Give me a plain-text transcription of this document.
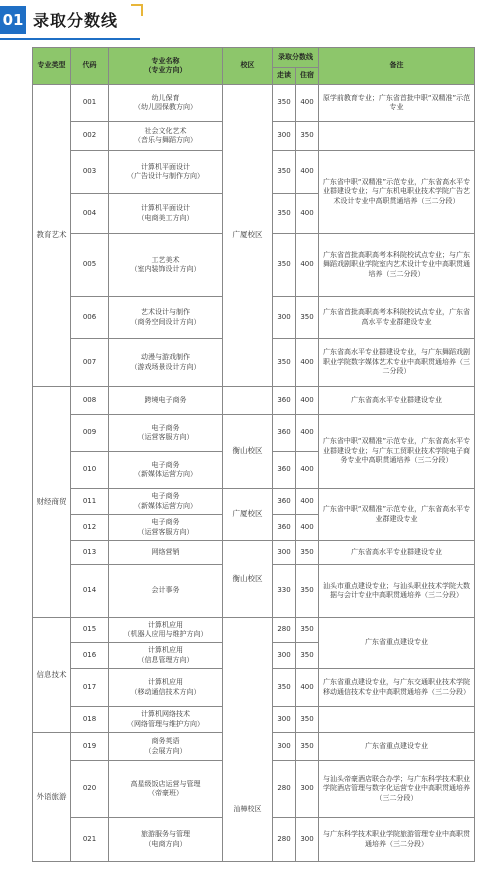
01 录取分数线
专业类型	代码	专业名称
（专业方向）	校区	录取分数线		备注
				走读	住宿	
教育艺术	001	幼儿保育
（幼儿园保教方向）	广厦校区	350	400	原学前教育专业；广东省首批中职“双精准”示范专业
	002	社会文化艺术
（音乐与舞蹈方向）		300	350	
	003	计算机平面设计
（广告设计与制作方向）		350	400	广东省中职“双精准”示范专业，广东省高水平专业群建设专业；与广东机电职业技术学院广告艺术设计专业中高职贯通培养（三二分段）
	004	计算机平面设计
（电商美工方向）		350	400	
	005	工艺美术
（室内装饰设计方向）		350	400	广东省首批高职高考本科院校试点专业；与广东舞蹈戏剧职业学院室内艺术设计专业中高职贯通培养（三二分段）
	006	艺术设计与制作
（商务空间设计方向）		300	350	广东省首批高职高考本科院校试点专业，广东省高水平专业群建设专业
	007	动漫与游戏制作
（游戏场景设计方向）		350	400	广东省高水平专业群建设专业，与广东舞蹈戏剧职业学院数字媒体艺术专业中高职贯通培养（三二分段）
财经商贸	008	跨境电子商务		360	400	广东省高水平专业群建设专业
	009	电子商务
（运营客服方向）	衡山校区	360	400	广东省中职“双精准”示范专业，广东省高水平专业群建设专业；与广东工贸职业技术学院电子商务专业中高职贯通培养（三二分段）
	010	电子商务
（新媒体运营方向）		360	400	
	011	电子商务
（新媒体运营方向）	广厦校区	360	400	广东省中职“双精准”示范专业，广东省高水平专业群建设专业
	012	电子商务
（运营客服方向）		360	400	
	013	网络营销	衡山校区	300	350	广东省高水平专业群建设专业
	014	会计事务		330	350	汕头市重点建设专业；与汕头职业技术学院大数据与会计专业中高职贯通培养（三二分段）
信息技术	015	计算机应用
（机器人应用与维护方向）	汕樟校区	280	350	广东省重点建设专业
	016	计算机应用
（信息管理方向）		300	350	
	017	计算机应用
（移动通信技术方向）		350	400	广东省重点建设专业，与广东交通职业技术学院移动通信技术专业中高职贯通培养（三二分段）
	018	计算机网络技术
（网络管理与维护方向）		300	350	
外语旅游	019	商务英语
（会展方向）		300	350	广东省重点建设专业
	020	高星级饭店运营与管理
（帝豪班）		280	300	与汕头帝豪酒店联合办学；与广东科学技术职业学院酒店管理与数字化运营专业中高职贯通培养（三二分段）
	021	旅游服务与管理
（电商方向）		280	300	与广东科学技术职业学院旅游管理专业中高职贯通培养（三二分段）
